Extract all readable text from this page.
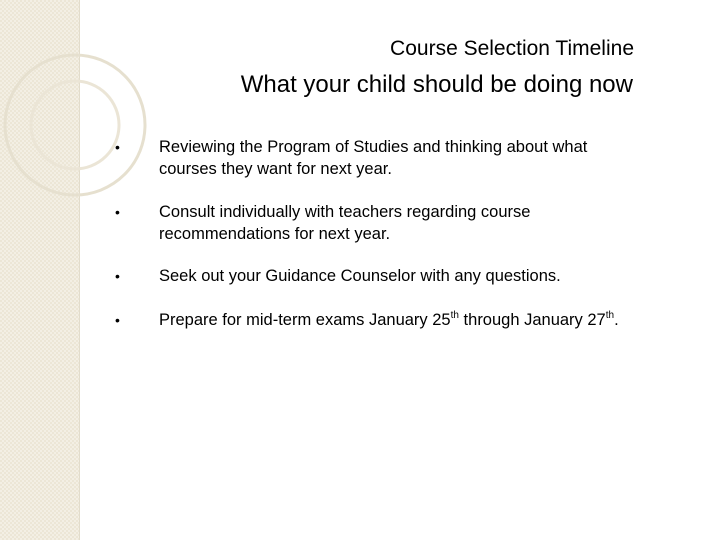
Course Selection Timeline
What your child should be doing now
•	Reviewing the Program of Studies and thinking about what courses they want for next year.
•	Consult individually with teachers regarding course recommendations for next year.
•	Seek out your Guidance Counselor with any questions.
•	Prepare for mid-term exams January 25th through January 27th.
